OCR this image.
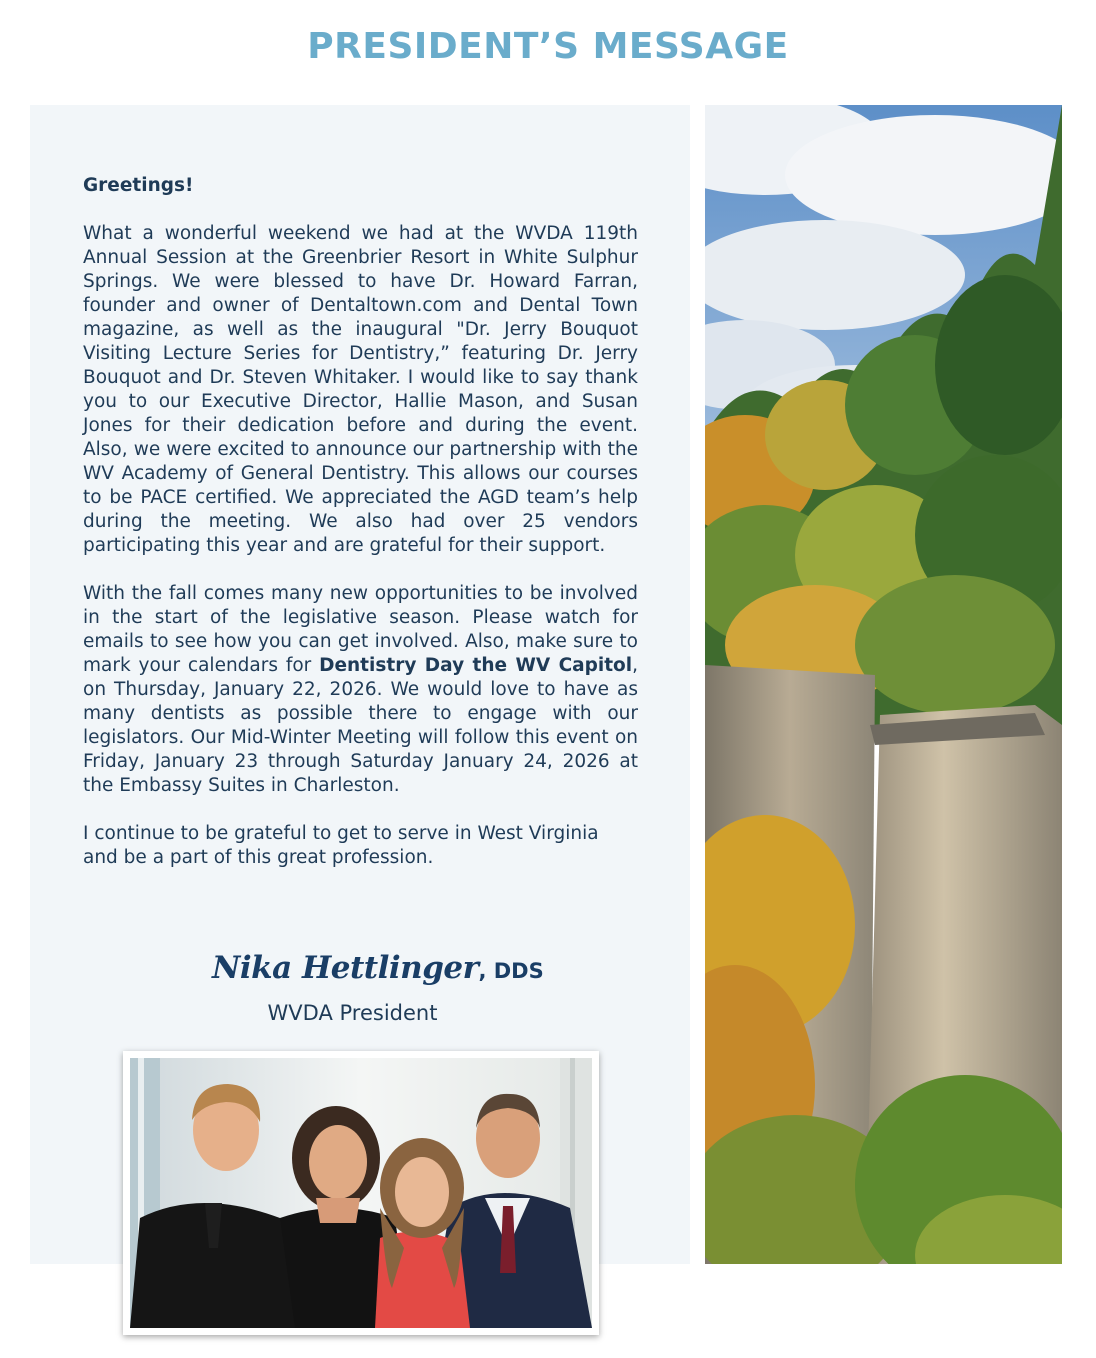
PRESIDENT’S MESSAGE

Greetings!

What a wonderful weekend we had at the WVDA 119th Annual Session at the Greenbrier Resort in White Sulphur Springs. We were blessed to have Dr. Howard Farran, founder and owner of Dentaltown.com and Dental Town magazine, as well as the inaugural "Dr. Jerry Bouquot Visiting Lecture Series for Dentistry,” featuring Dr. Jerry Bouquot and Dr. Steven Whitaker. I would like to say thank you to our Executive Director, Hallie Mason, and Susan Jones for their dedication before and during the event. Also, we were excited to announce our partnership with the WV Academy of General Dentistry. This allows our courses to be PACE certified. We appreciated the AGD team’s help during the meeting. We also had over 25 vendors participating this year and are grateful for their support.

With the fall comes many new opportunities to be involved in the start of the legislative season. Please watch for emails to see how you can get involved. Also, make sure to mark your calendars for Dentistry Day the WV Capitol, on Thursday, January 22, 2026. We would love to have as many dentists as possible there to engage with our legislators. Our Mid-Winter Meeting will follow this event on Friday, January 23 through Saturday January 24, 2026 at the Embassy Suites in Charleston.

I continue to be grateful to get to serve in West Virginia and be a part of this great profession.

Nika Hettlinger, DDS
WVDA President
